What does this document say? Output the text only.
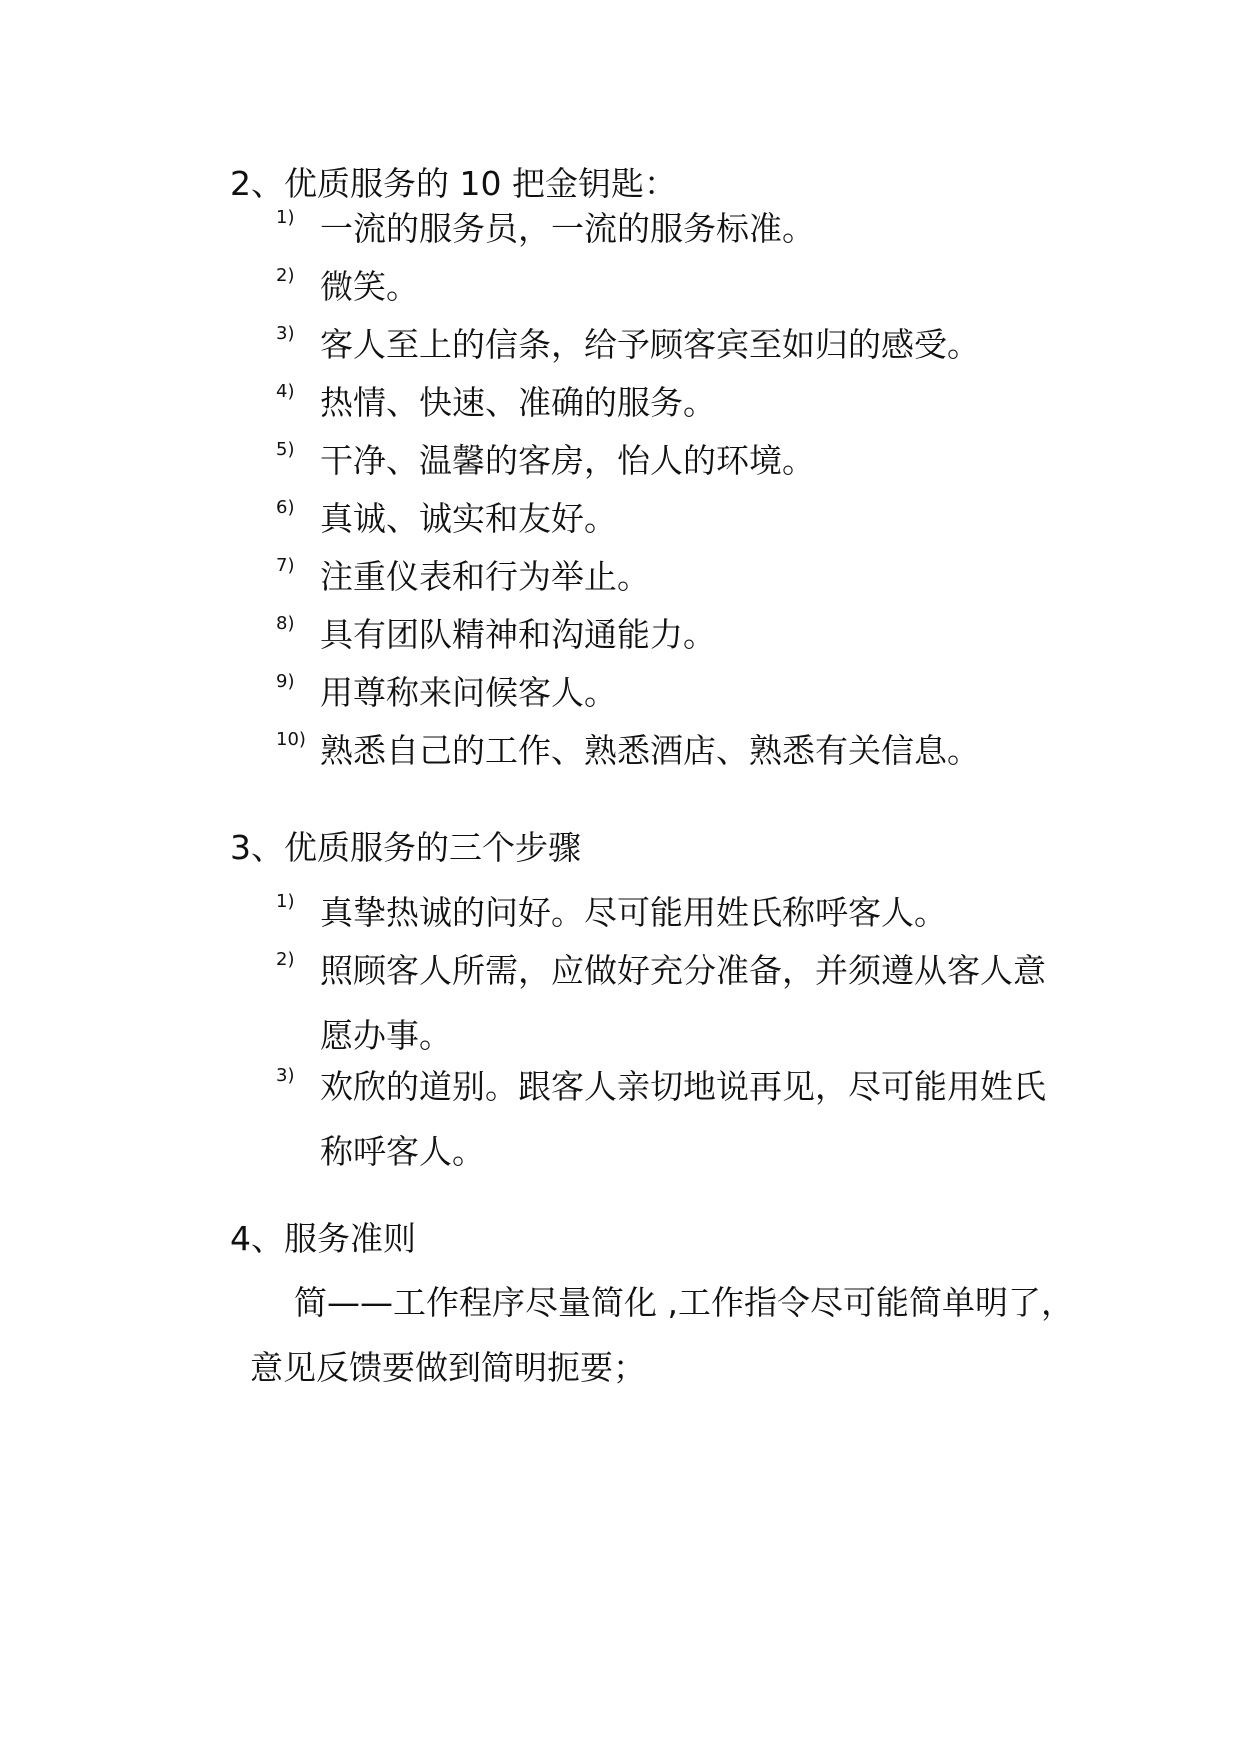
2、优质服务的 10 把金钥匙：
1) 一流的服务员，一流的服务标准。
2) 微笑。
3) 客人至上的信条，给予顾客宾至如归的感受。
4) 热情、快速、准确的服务。
5) 干净、温馨的客房，怡人的环境。
6) 真诚、诚实和友好。
7) 注重仪表和行为举止。
8) 具有团队精神和沟通能力。
9) 用尊称来问候客人。
10) 熟悉自己的工作、熟悉酒店、熟悉有关信息。
3、优质服务的三个步骤
1) 真挚热诚的问好。尽可能用姓氏称呼客人。
2) 照顾客人所需，应做好充分准备，并须遵从客人意愿办事。
3) 欢欣的道别。跟客人亲切地说再见，尽可能用姓氏称呼客人。
4、服务准则
简——工作程序尽量简化 ,工作指令尽可能简单明了，意见反馈要做到简明扼要；
